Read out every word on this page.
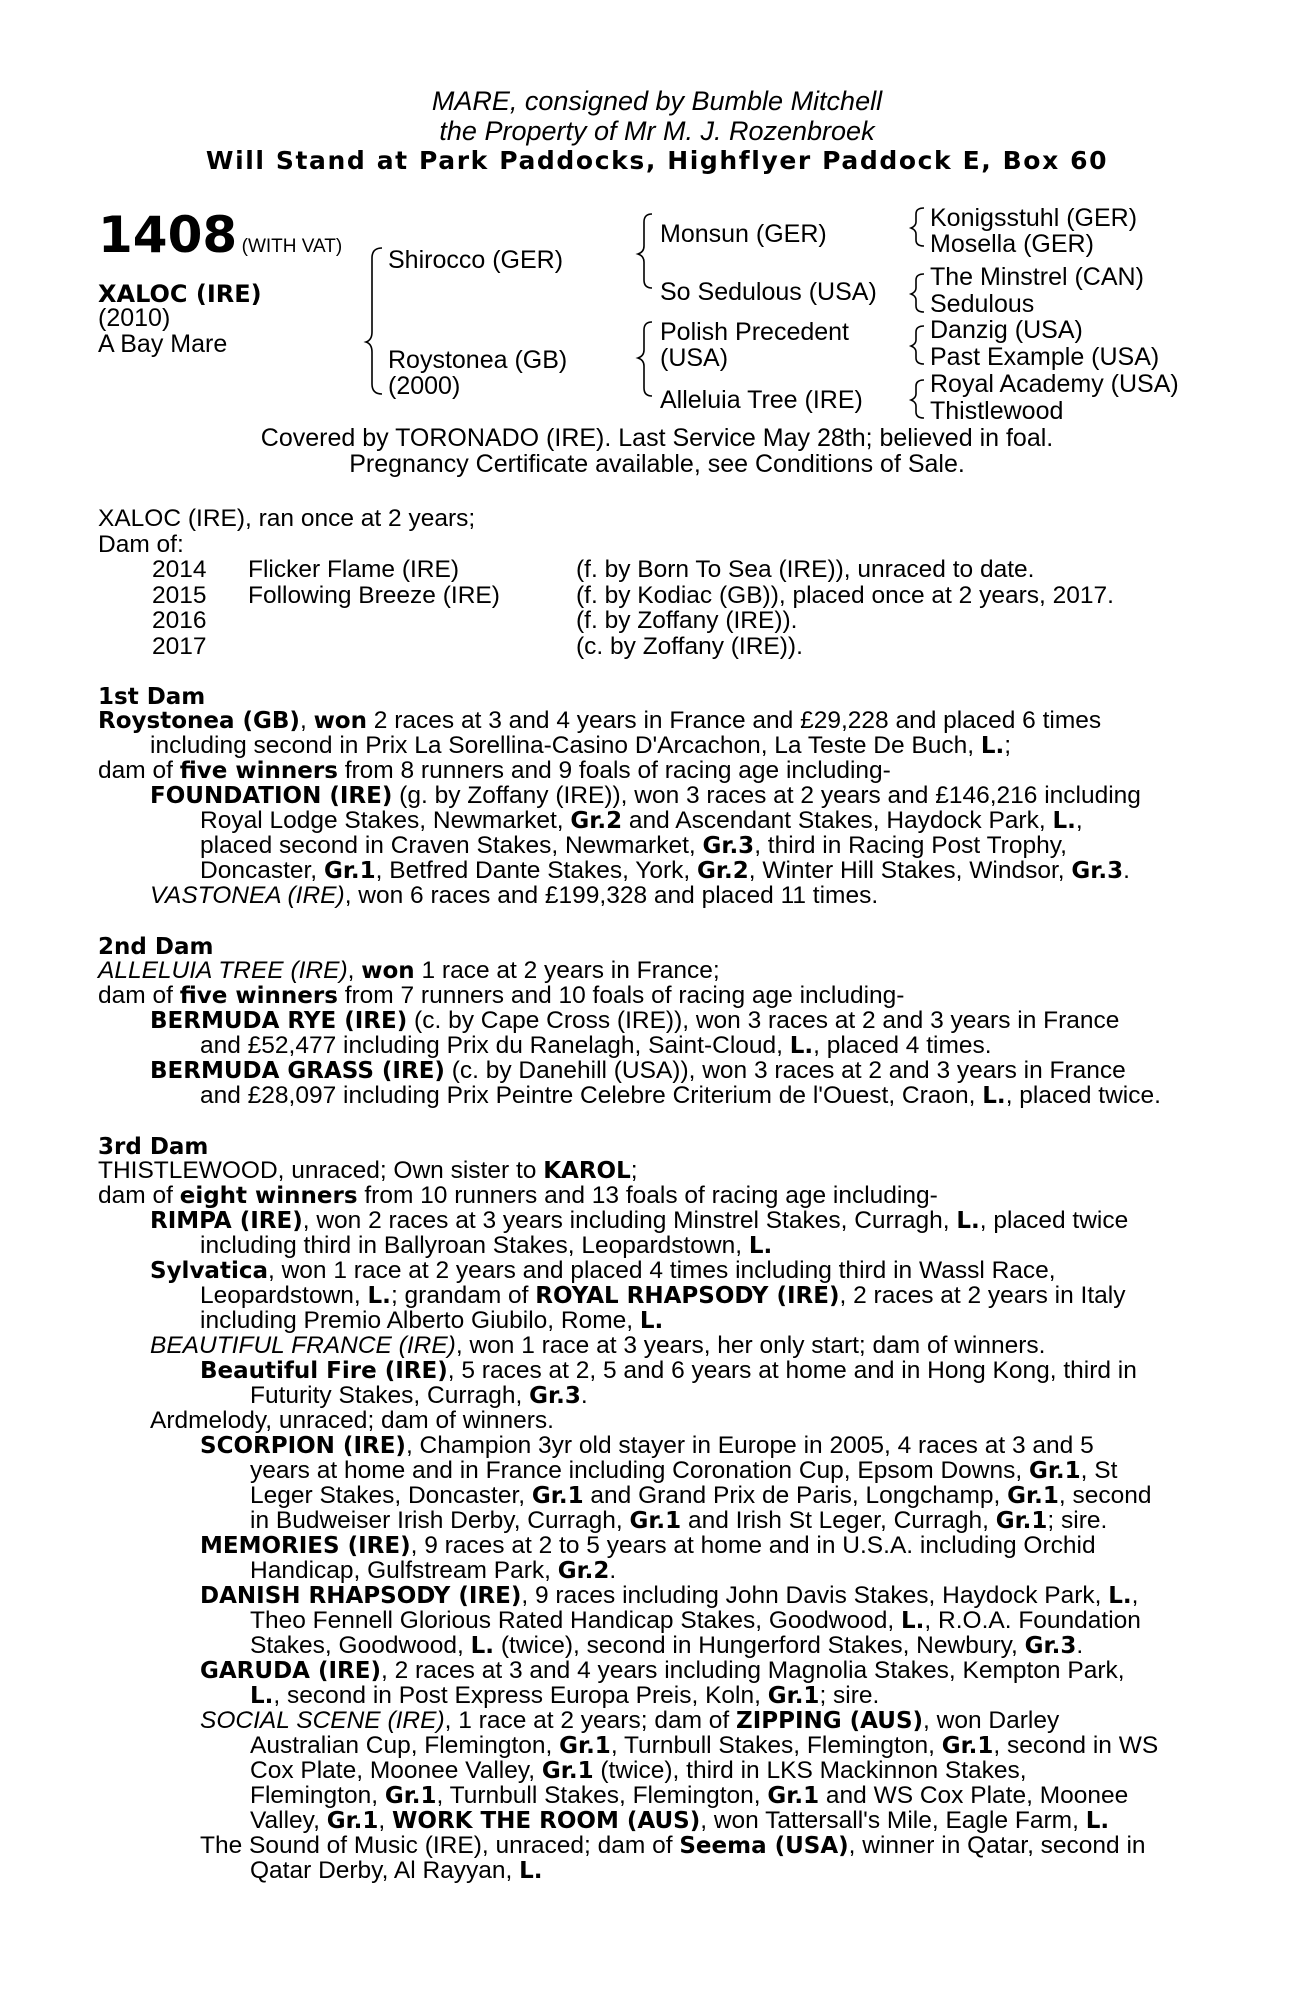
MARE, consigned by Bumble Mitchell
the Property of Mr M. J. Rozenbroek
Will Stand at Park Paddocks, Highflyer Paddock E, Box 60
1408 (WITH VAT)
XALOC (IRE)
(2010)
A Bay Mare
Shirocco (GER)
Roystonea (GB)
(2000)
Monsun (GER)
So Sedulous (USA)
Polish Precedent
(USA)
Alleluia Tree (IRE)
Konigsstuhl (GER)
Mosella (GER)
The Minstrel (CAN)
Sedulous
Danzig (USA)
Past Example (USA)
Royal Academy (USA)
Thistlewood
Covered by TORONADO (IRE). Last Service May 28th; believed in foal.
Pregnancy Certificate available, see Conditions of Sale.
XALOC (IRE), ran once at 2 years;
Dam of:
2014 Flicker Flame (IRE)	(f. by Born To Sea (IRE)), unraced to date.
2015 Following Breeze (IRE)	(f. by Kodiac (GB)), placed once at 2 years, 2017.
2016	(f. by Zoffany (IRE)).
2017	(c. by Zoffany (IRE)).
1st Dam
Roystonea (GB), won 2 races at 3 and 4 years in France and £29,228 and placed 6 times
including second in Prix La Sorellina-Casino D'Arcachon, La Teste De Buch, L.;
dam of five winners from 8 runners and 9 foals of racing age including-
FOUNDATION (IRE) (g. by Zoffany (IRE)), won 3 races at 2 years and £146,216 including
Royal Lodge Stakes, Newmarket, Gr.2 and Ascendant Stakes, Haydock Park, L.,
placed second in Craven Stakes, Newmarket, Gr.3, third in Racing Post Trophy,
Doncaster, Gr.1, Betfred Dante Stakes, York, Gr.2, Winter Hill Stakes, Windsor, Gr.3.
VASTONEA (IRE), won 6 races and £199,328 and placed 11 times.
2nd Dam
ALLELUIA TREE (IRE), won 1 race at 2 years in France;
dam of five winners from 7 runners and 10 foals of racing age including-
BERMUDA RYE (IRE) (c. by Cape Cross (IRE)), won 3 races at 2 and 3 years in France
and £52,477 including Prix du Ranelagh, Saint-Cloud, L., placed 4 times.
BERMUDA GRASS (IRE) (c. by Danehill (USA)), won 3 races at 2 and 3 years in France
and £28,097 including Prix Peintre Celebre Criterium de l'Ouest, Craon, L., placed twice.
3rd Dam
THISTLEWOOD, unraced; Own sister to KAROL;
dam of eight winners from 10 runners and 13 foals of racing age including-
RIMPA (IRE), won 2 races at 3 years including Minstrel Stakes, Curragh, L., placed twice
including third in Ballyroan Stakes, Leopardstown, L.
Sylvatica, won 1 race at 2 years and placed 4 times including third in Wassl Race,
Leopardstown, L.; grandam of ROYAL RHAPSODY (IRE), 2 races at 2 years in Italy
including Premio Alberto Giubilo, Rome, L.
BEAUTIFUL FRANCE (IRE), won 1 race at 3 years, her only start; dam of winners.
Beautiful Fire (IRE), 5 races at 2, 5 and 6 years at home and in Hong Kong, third in
Futurity Stakes, Curragh, Gr.3.
Ardmelody, unraced; dam of winners.
SCORPION (IRE), Champion 3yr old stayer in Europe in 2005, 4 races at 3 and 5
years at home and in France including Coronation Cup, Epsom Downs, Gr.1, St
Leger Stakes, Doncaster, Gr.1 and Grand Prix de Paris, Longchamp, Gr.1, second
in Budweiser Irish Derby, Curragh, Gr.1 and Irish St Leger, Curragh, Gr.1; sire.
MEMORIES (IRE), 9 races at 2 to 5 years at home and in U.S.A. including Orchid
Handicap, Gulfstream Park, Gr.2.
DANISH RHAPSODY (IRE), 9 races including John Davis Stakes, Haydock Park, L.,
Theo Fennell Glorious Rated Handicap Stakes, Goodwood, L., R.O.A. Foundation
Stakes, Goodwood, L. (twice), second in Hungerford Stakes, Newbury, Gr.3.
GARUDA (IRE), 2 races at 3 and 4 years including Magnolia Stakes, Kempton Park,
L., second in Post Express Europa Preis, Koln, Gr.1; sire.
SOCIAL SCENE (IRE), 1 race at 2 years; dam of ZIPPING (AUS), won Darley
Australian Cup, Flemington, Gr.1, Turnbull Stakes, Flemington, Gr.1, second in WS
Cox Plate, Moonee Valley, Gr.1 (twice), third in LKS Mackinnon Stakes,
Flemington, Gr.1, Turnbull Stakes, Flemington, Gr.1 and WS Cox Plate, Moonee
Valley, Gr.1, WORK THE ROOM (AUS), won Tattersall's Mile, Eagle Farm, L.
The Sound of Music (IRE), unraced; dam of Seema (USA), winner in Qatar, second in
Qatar Derby, Al Rayyan, L.
